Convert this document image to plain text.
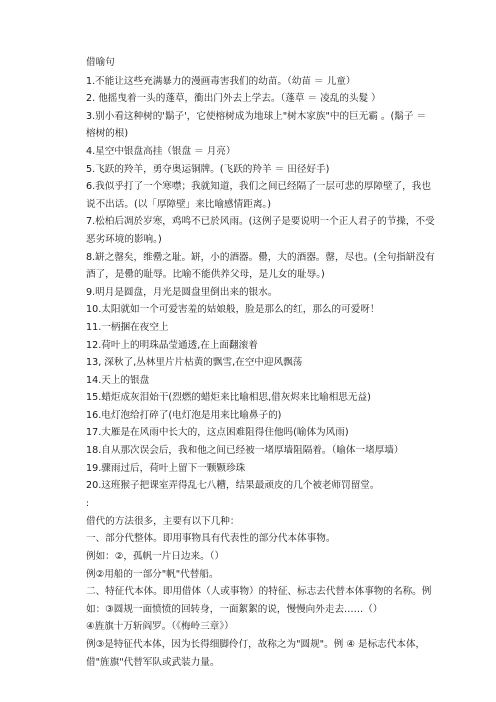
借喻句
1.不能让这些充满暴力的漫画毒害我们的幼苗。（幼苗 ＝ 儿童）
2. 他摇曳着一头的蓬草，衝出门外去上学去。（蓬草 ＝ 凌乱的头髮 ）
3.别小看这种树的'鬍子'，它使榕树成为地球上"树木家族"中的巨无霸 。(鬍子 ＝ 榕树的根)
4.星空中银盘高挂（银盘 ＝ 月亮）
5.飞跃的羚羊，勇夺奥运铜牌。(飞跃的羚羊 ＝ 田径好手)
6.我似乎打了一个寒噤；我就知道，我们之间已经隔了一层可悲的厚障壁了，我也说不出话。(以「厚障壁」来比喻感情距离。)
7.松柏后凋於岁寒，鸡鸣不已於风雨。(这例子是要说明一个正人君子的节操，不受恶劣环境的影响。)
8.缾之罄矣，维罍之耻。缾，小的酒器。罍，大的酒器。罄，尽也。(全句指缾没有酒了，是罍的耻辱。比喻不能供养父母，是儿女的耻辱。)
9.明月是圆盘，月光是圆盘里倒出来的银水。
10.太阳就如一个可爱害羞的姑娘般，脸是那么的红，那么的可爱呀！
11.一柄捆在夜空上
12.荷叶上的明珠晶莹通透,在上面翻滚着
13, 深秋了,丛林里片片枯黄的飘雪,在空中迎风飘荡
14.天上的银盘
15.蜡炬成灰泪始干(烈燃的蜡炬来比喻相思,借灰烬来比喻相思无益)
16.电灯泡给打碎了(电灯泡是用来比喻鼻子的)
17.大雁是在风雨中长大的，这点困难阻得住他吗(喻体为风雨)
18.自从那次误会后，我和他之间已经被一堵厚墙阻隔着。（喻体一堵厚墙）
19.骤雨过后，荷叶上留下一颗颗珍珠
20.这班猴子把课室弄得乱七八糟，结果最顽皮的几个被老师罚留堂。
:
借代的方法很多，主要有以下几种：
一、部分代整体。即用事物具有代表性的部分代本体事物。
例如：②，孤帆一片日边来。（）
例②用船的一部分"帆"代替船。
二、特征代本体。即用借体（人或事物）的特征、标志去代替本体事物的名称。例如：③圆规一面愤愤的回转身，一面絮絮的说，慢慢向外走去……（）
④旌旗十万斩阎罗。（《梅岭三章》）
例③是特征代本体，因为长得细脚伶仃，故称之为"圆规"。例 ④ 是标志代本体，借"旌旗"代替军队或武装力量。
